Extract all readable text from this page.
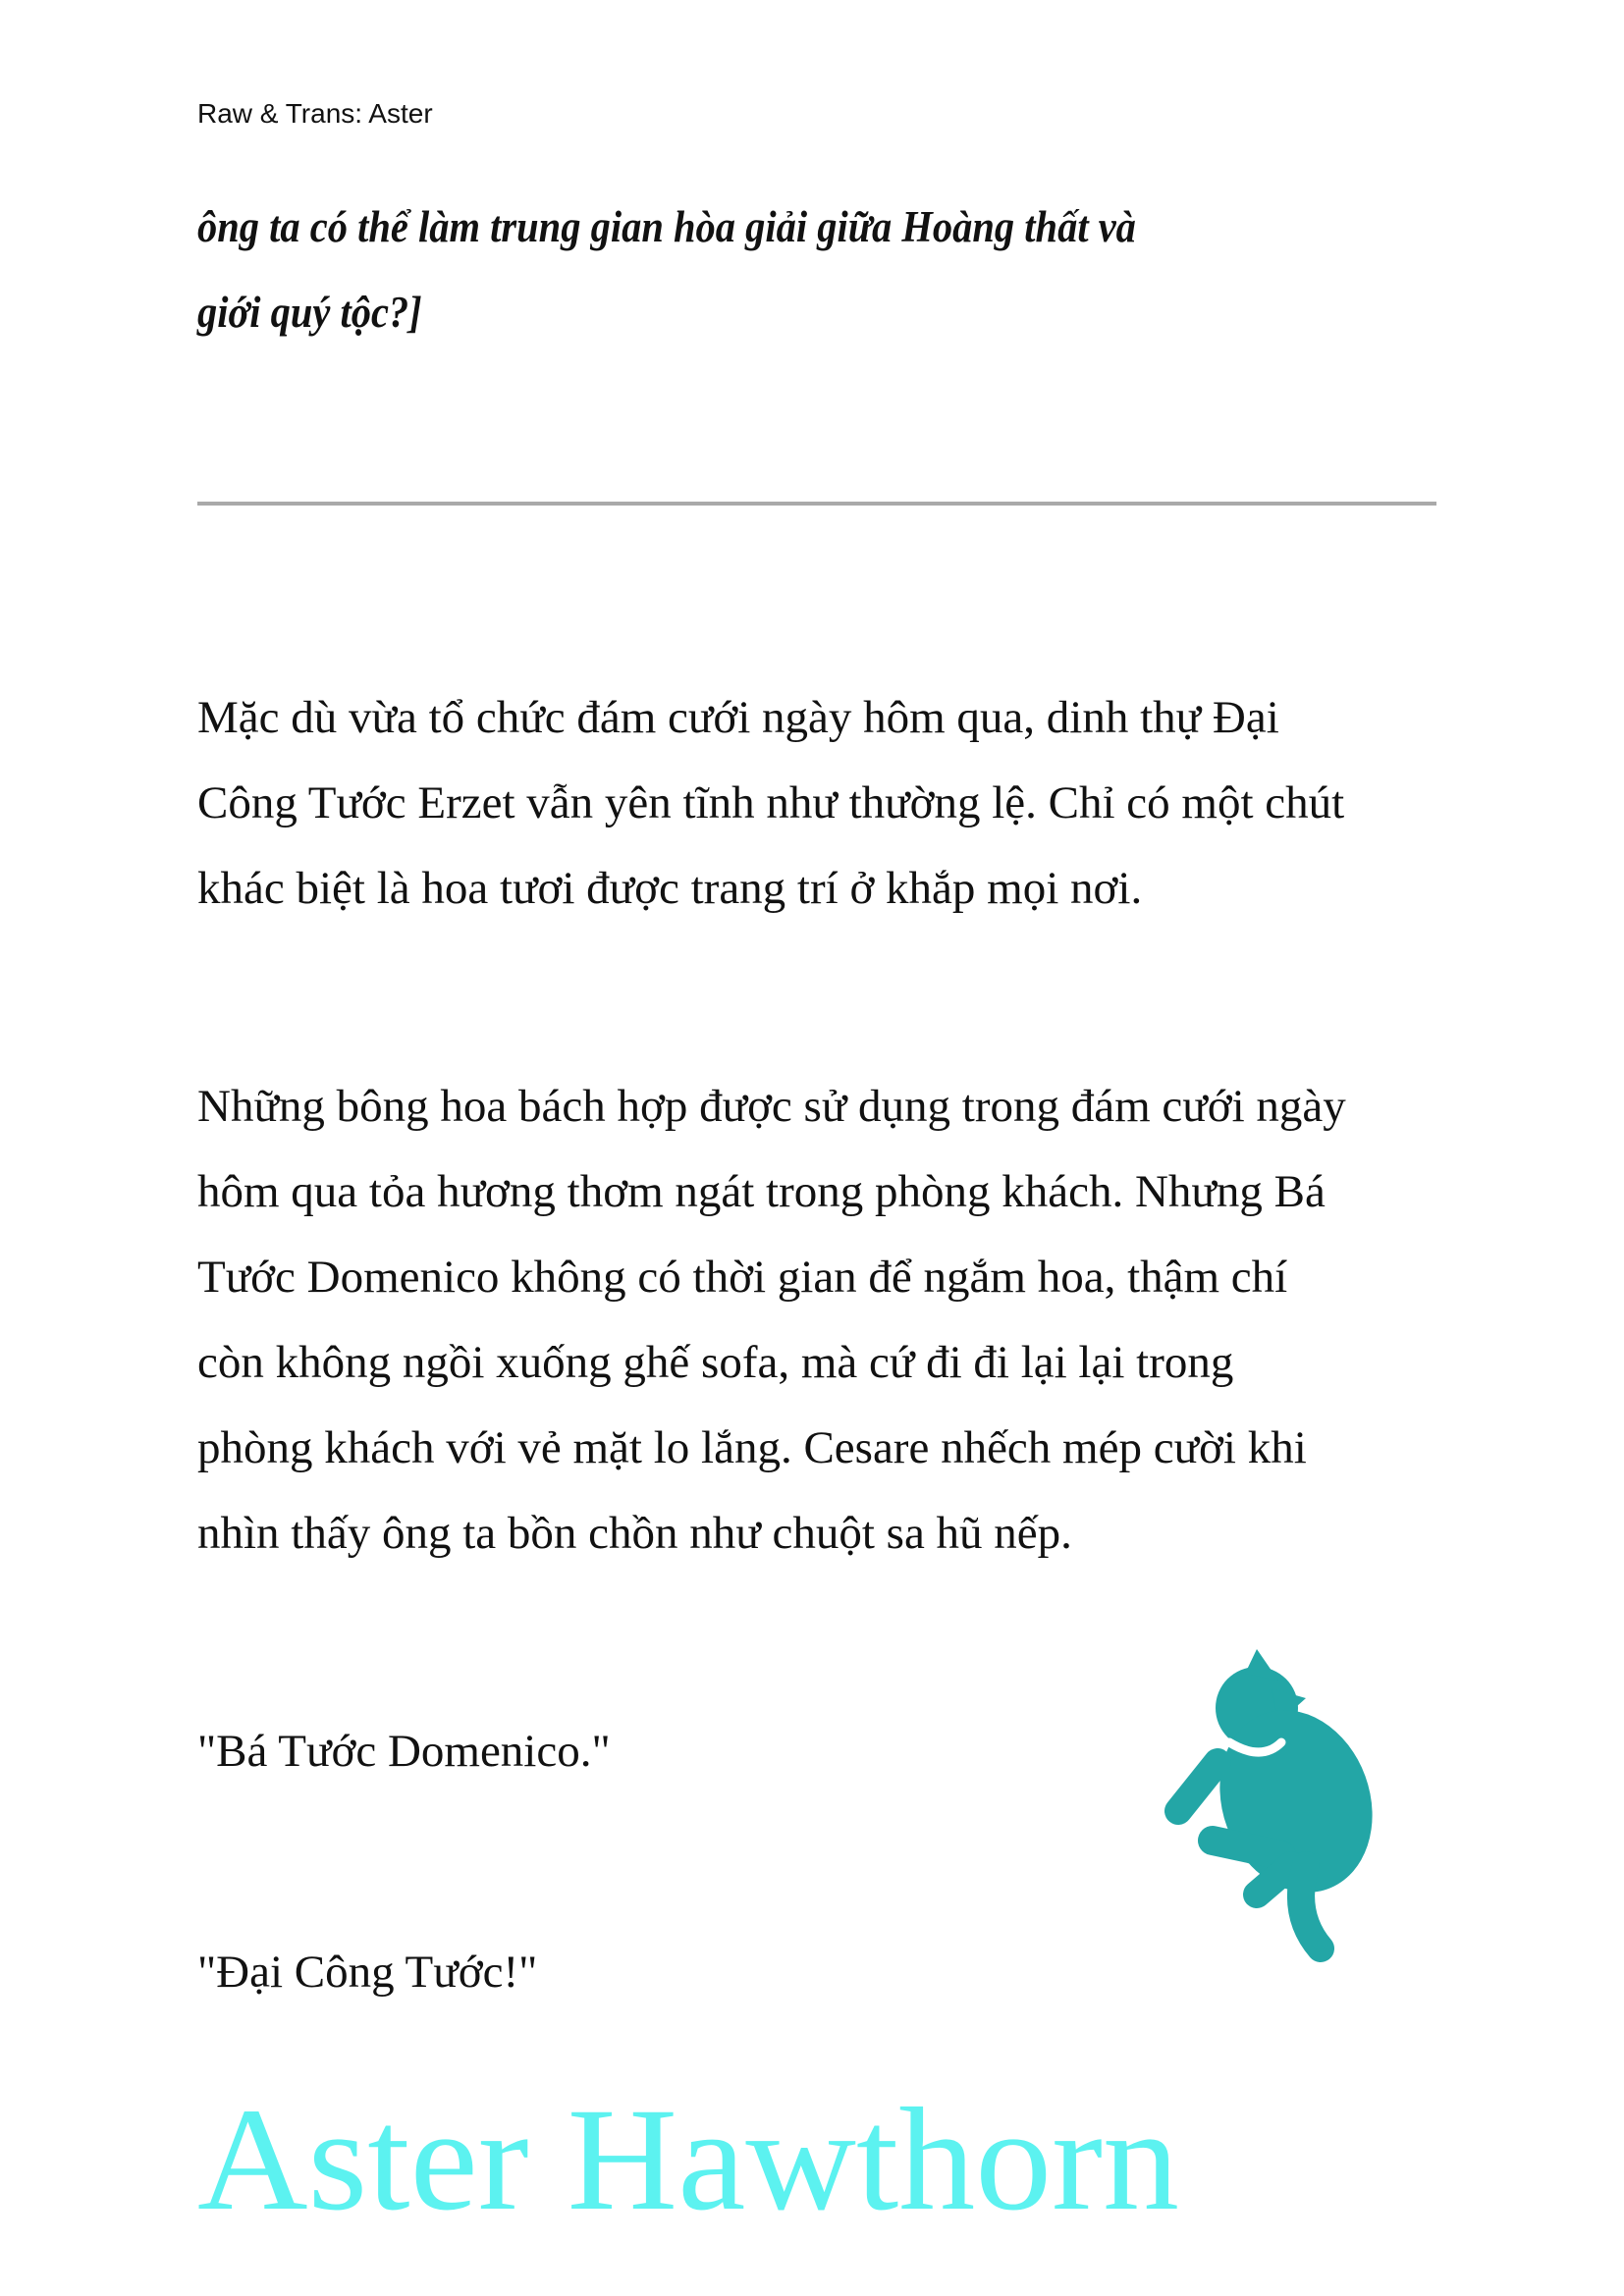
Raw & Trans: Aster
ông ta có thể làm trung gian hòa giải giữa Hoàng thất và
giới quý tộc?]
Mặc dù vừa tổ chức đám cưới ngày hôm qua, dinh thự Đại
Công Tước Erzet vẫn yên tĩnh như thường lệ. Chỉ có một chút
khác biệt là hoa tươi được trang trí ở khắp mọi nơi.
Những bông hoa bách hợp được sử dụng trong đám cưới ngày
hôm qua tỏa hương thơm ngát trong phòng khách. Nhưng Bá
Tước Domenico không có thời gian để ngắm hoa, thậm chí
còn không ngồi xuống ghế sofa, mà cứ đi đi lại lại trong
phòng khách với vẻ mặt lo lắng. Cesare nhếch mép cười khi
nhìn thấy ông ta bồn chồn như chuột sa hũ nếp.
"Bá Tước Domenico."
"Đại Công Tước!"
Aster Hawthorn
